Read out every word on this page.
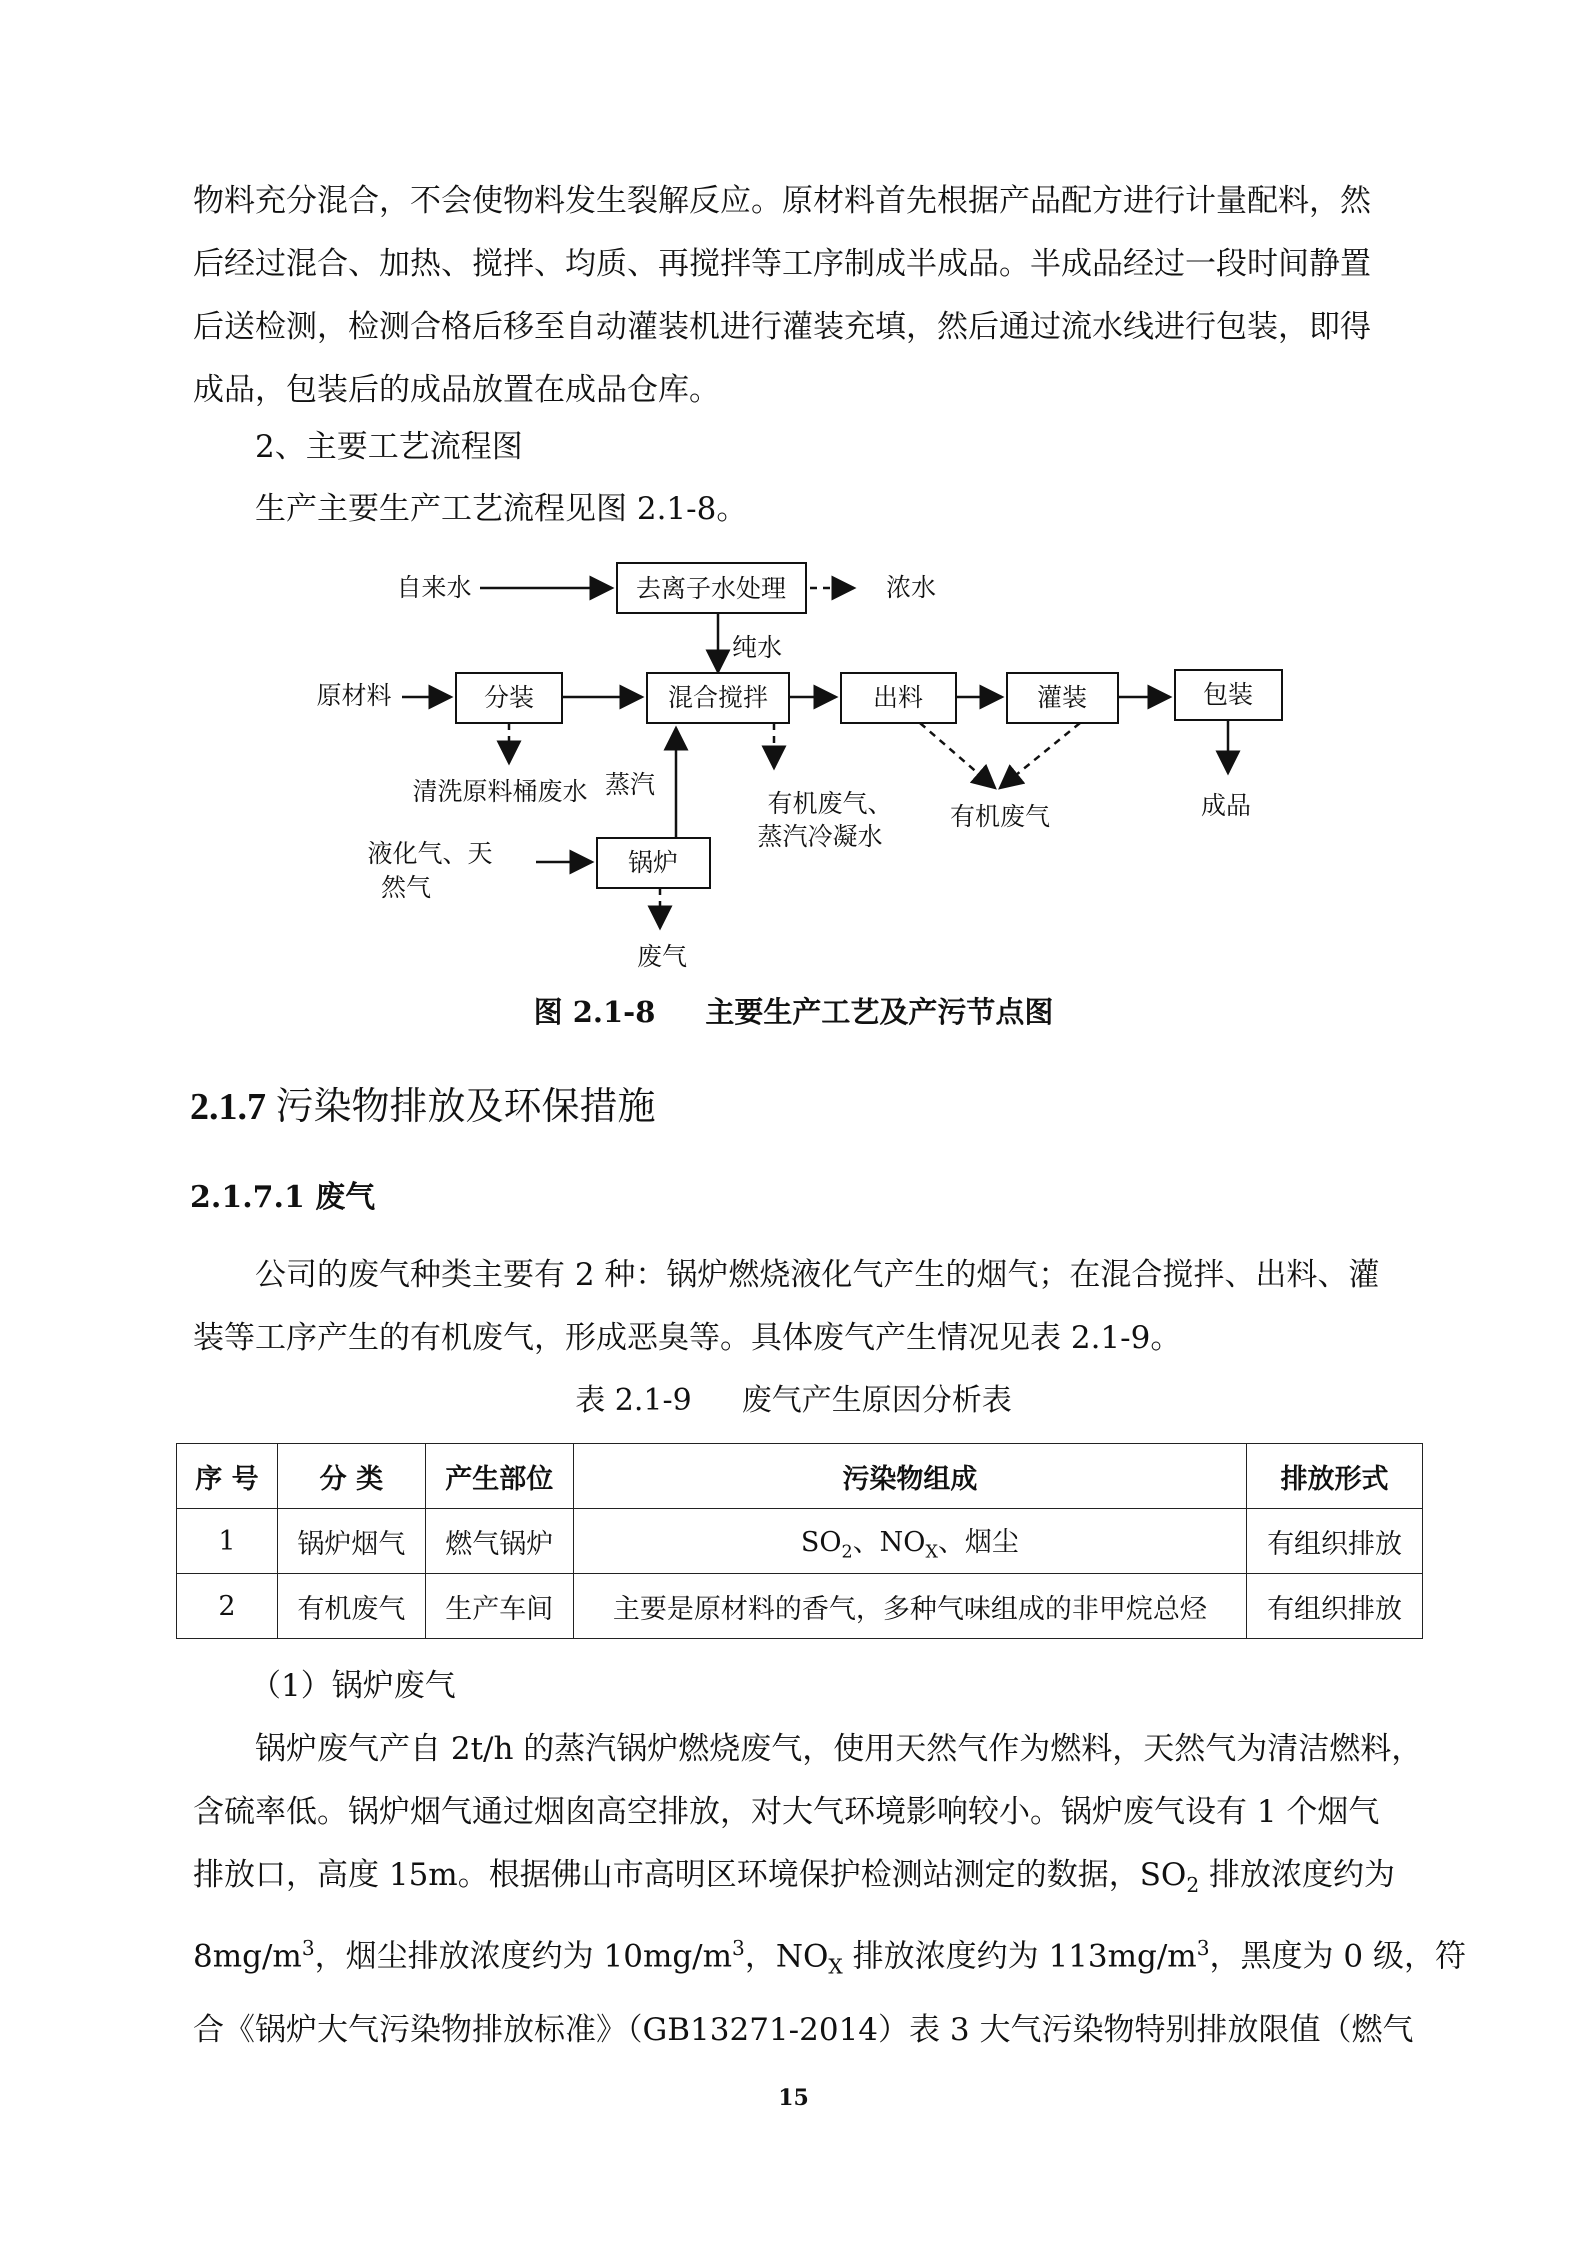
物料充分混合，不会使物料发生裂解反应。原材料首先根据产品配方进行计量配料，然
后经过混合、加热、搅拌、均质、再搅拌等工序制成半成品。半成品经过一段时间静置
后送检测，检测合格后移至自动灌装机进行灌装充填，然后通过流水线进行包装，即得
成品，包装后的成品放置在成品仓库。
2、主要工艺流程图
生产主要生产工艺流程见图 2.1-8。
自来水	去离子水处理	浓水
纯水
原材料	分装	混合搅拌	出料	灌装	包装
清洗原料桶废水	有机废气、
蒸汽冷凝水
有机废气	成品
蒸汽
液化气、天
然气
锅炉
废气
图 2.1-8 主要生产工艺及产污节点图
2.1.7 污染物排放及环保措施
2.1.7.1 废气
公司的废气种类主要有 2 种：锅炉燃烧液化气产生的烟气；在混合搅拌、出料、灌
装等工序产生的有机废气，形成恶臭等。具体废气产生情况见表 2.1-9。
表 2.1-9 废气产生原因分析表
序 号	分 类	产生部位	污染物组成	排放形式
1	锅炉烟气	燃气锅炉	$SO_2$、$NO_X$、烟尘	有组织排放
2	有机废气	生产车间	主要是原材料的香气，多种气味组成的非甲烷总烃	有组织排放
（1）锅炉废气
锅炉废气产自 2t/h 的蒸汽锅炉燃烧废气，使用天然气作为燃料，天然气为清洁燃料，
含硫率低。锅炉烟气通过烟囱高空排放，对大气环境影响较小。锅炉废气设有 1 个烟气
排放口，高度 15m。根据佛山市高明区环境保护检测站测定的数据，$SO_2$ 排放浓度约为
$8mg/m^3$，烟尘排放浓度约为 $10mg/m^3$，$NO_X$ 排放浓度约为 $113mg/m^3$，黑度为 0 级，符
合《锅炉大气污染物排放标准》（GB13271-2014）表 3 大气污染物特别排放限值（燃气
15
